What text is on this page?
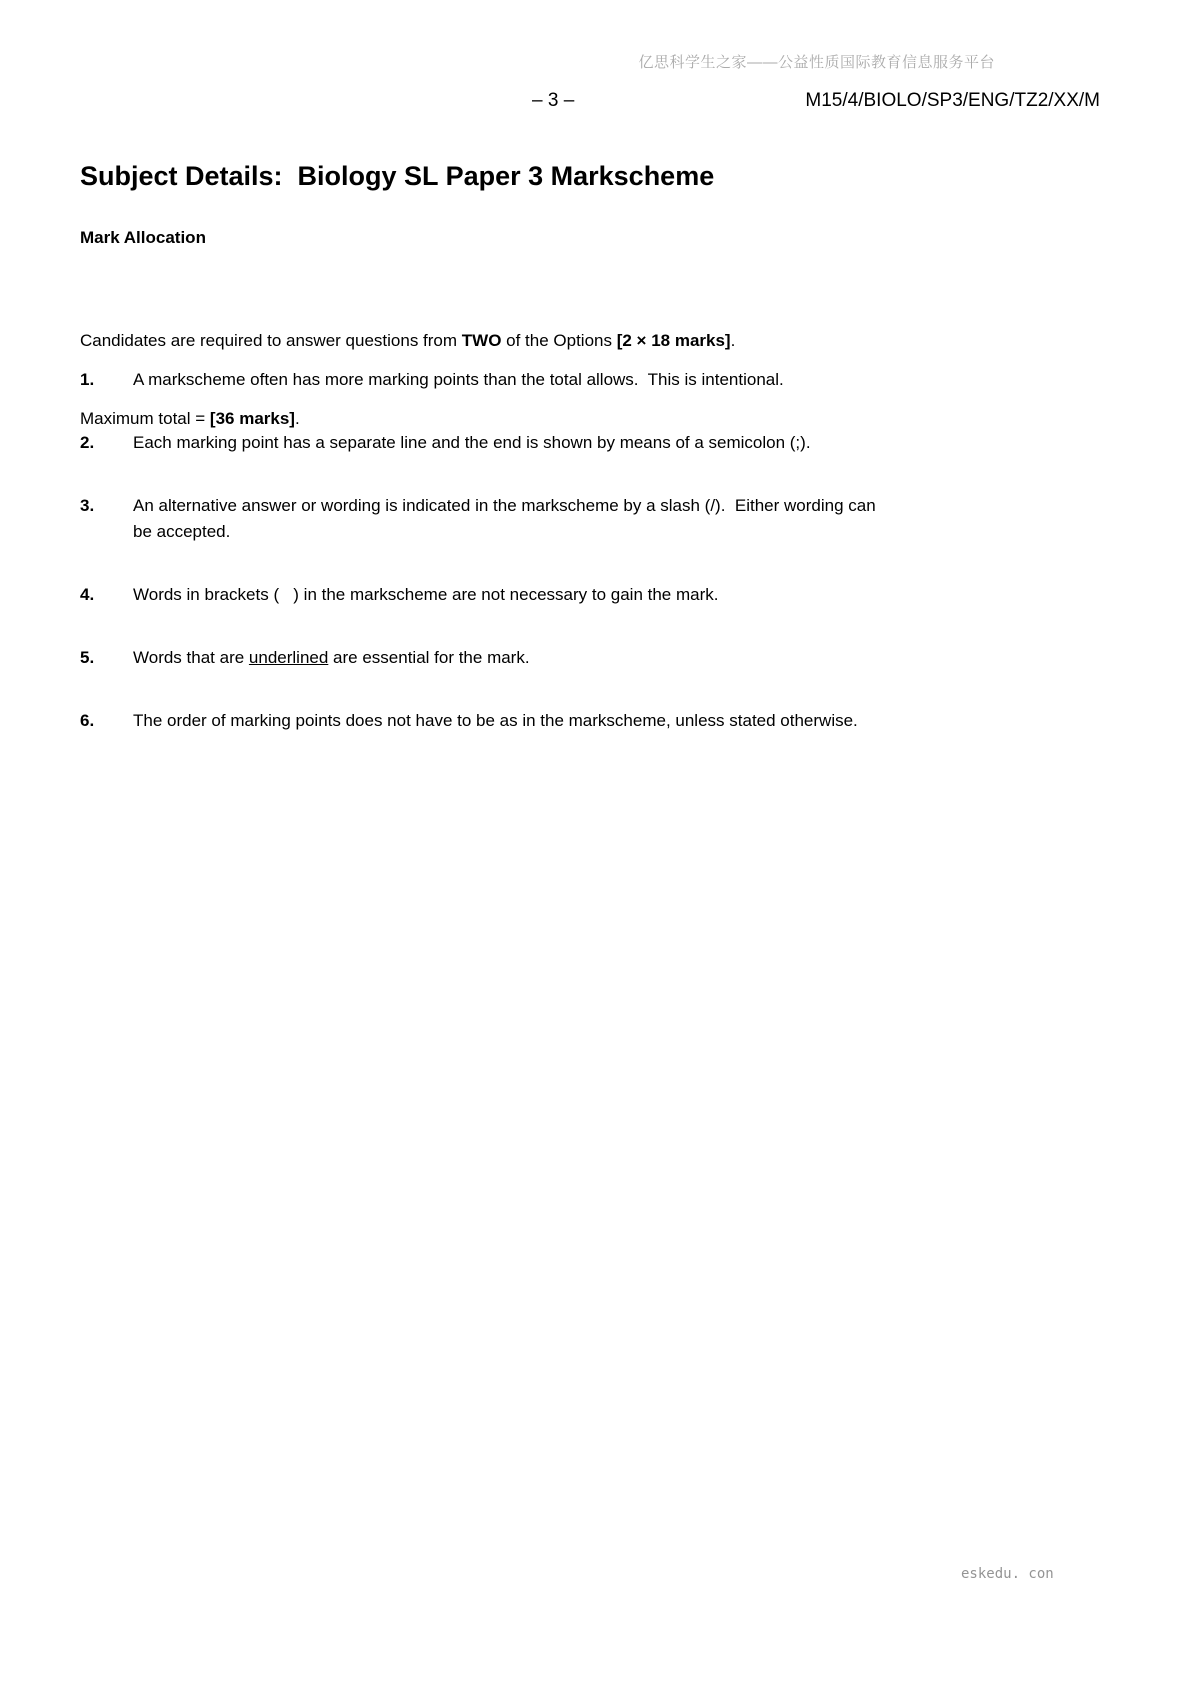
亿思科学生之家——公益性质国际教育信息服务平台
– 3 –	M15/4/BIOLO/SP3/ENG/TZ2/XX/M
Subject Details:  Biology SL Paper 3 Markscheme
Mark Allocation

Candidates are required to answer questions from TWO of the Options [2 × 18 marks].

Maximum total = [36 marks].

1.	A markscheme often has more marking points than the total allows.  This is intentional.
2.	Each marking point has a separate line and the end is shown by means of a semicolon (;).
3.	An alternative answer or wording is indicated in the markscheme by a slash (/).  Either wording can
be accepted.
4.	Words in brackets (   ) in the markscheme are not necessary to gain the mark.
5.	Words that are underlined are essential for the mark.
6.	The order of marking points does not have to be as in the markscheme, unless stated otherwise.
eskedu. con
